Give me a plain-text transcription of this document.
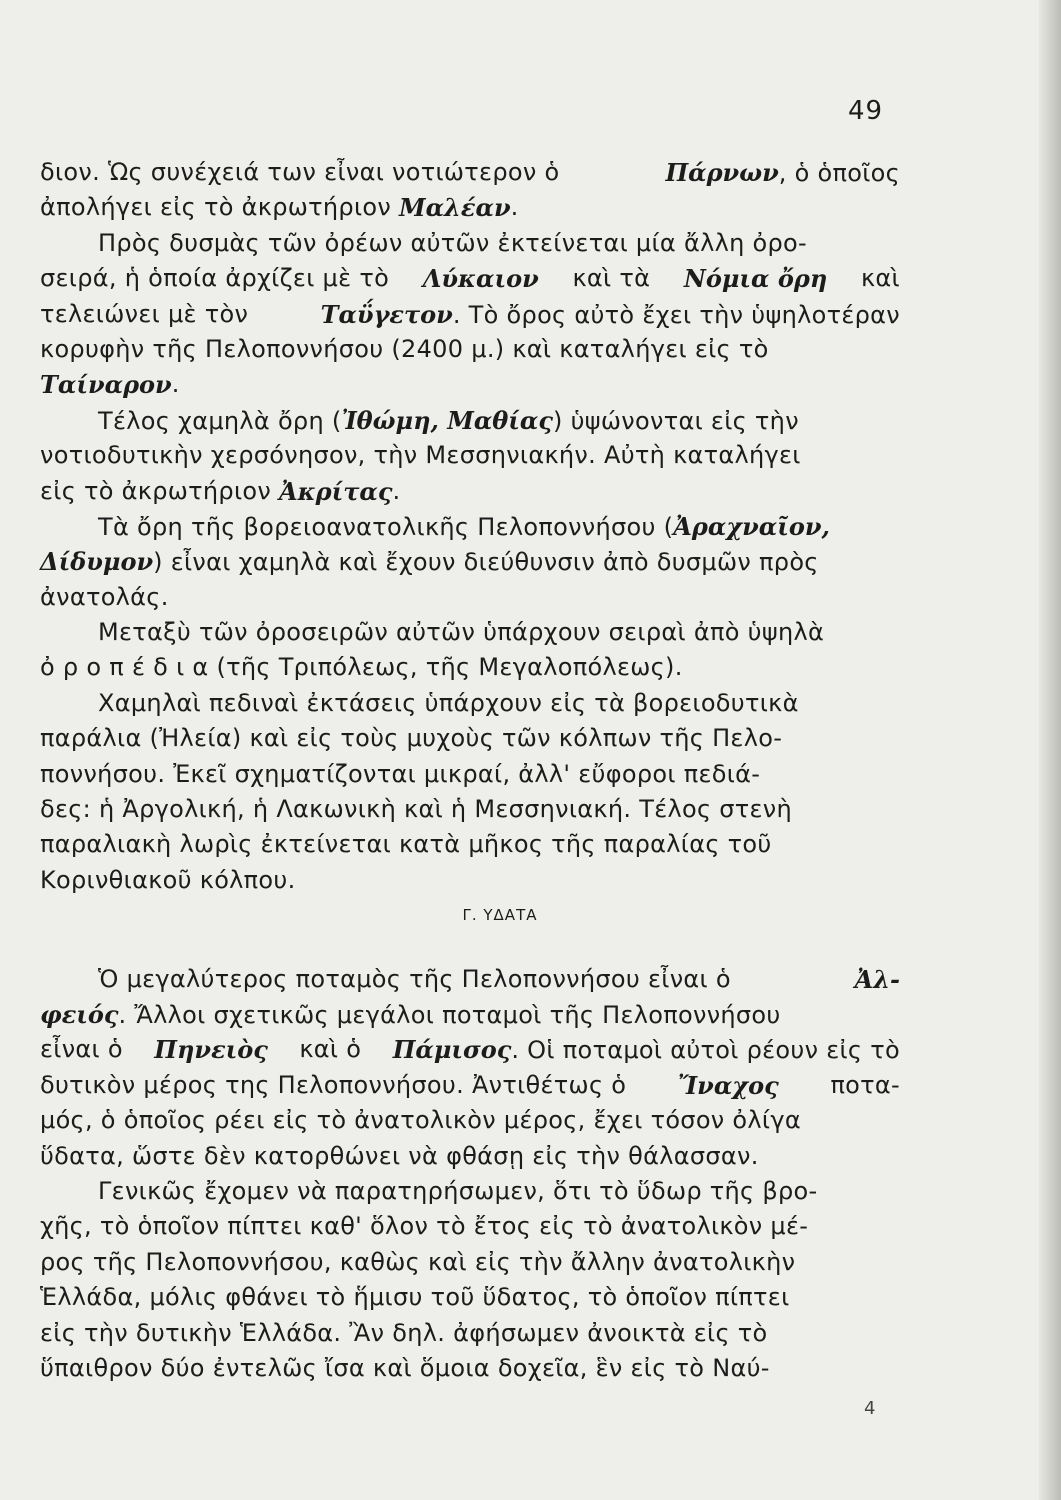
49
διον. Ὡς συνέχειά των εἶναι νοτιώτερον ὁ	Πάρνων, ὁ ὁποῖος
ἀπολήγει εἰς τὸ ἀκρωτήριον
Μαλέαν .
Πρὸς δυσμὰς τῶν ὀρέων αὐτῶν ἐκτείνεται μία ἄλλη ὀρο-
σειρά, ἡ ὁποία ἀρχίζει μὲ τὸ Λύκαιον καὶ τὰ Νόμια ὄρη καὶ
τελειώνει μὲ τὸν	Ταΰγετον. Τὸ ὄρος αὐτὸ ἔχει τὴν ὑψηλοτέραν
κορυφὴν τῆς Πελοποννήσου (2400 μ.) καὶ καταλήγει εἰς τὸ
Ταίναρον .
Τέλος χαμηλὰ ὄρη (Ἰθώμη, Μαθίας) ὑψώνονται εἰς τὴν
νοτιοδυτικὴν χερσόνησον, τὴν Μεσσηνιακήν. Αὐτὴ καταλήγει
εἰς τὸ ἀκρωτήριον
Ἀκρίτας .
Τὰ ὄρη τῆς βορειοανατολικῆς Πελοποννήσου (Ἀραχναῖον,
Δίδυμον) εἶναι χαμηλὰ καὶ ἔχουν διεύθυνσιν ἀπὸ δυσμῶν πρὸς
ἀνατολάς.
Μεταξὺ τῶν ὀροσειρῶν αὐτῶν ὑπάρχουν σειραὶ ἀπὸ ὑψηλὰ
ὀ ρ ο π έ δ ι α (τῆς Τριπόλεως, τῆς Μεγαλοπόλεως).
Χαμηλαὶ πεδιναὶ ἐκτάσεις ὑπάρχουν εἰς τὰ βορειοδυτικὰ
παράλια (Ἠλεία) καὶ εἰς τοὺς μυχοὺς τῶν κόλπων τῆς Πελο-
ποννήσου. Ἐκεῖ σχηματίζονται μικραί, ἀλλ' εὔφοροι πεδιά-
δες: ἡ Ἀργολική, ἡ Λακωνικὴ καὶ ἡ Μεσσηνιακή. Τέλος στενὴ
παραλιακὴ λωρὶς ἐκτείνεται κατὰ μῆκος τῆς παραλίας τοῦ
Κορινθιακοῦ κόλπου.
Γ. ΥΔΑΤΑ
Ὁ μεγαλύτερος ποταμὸς τῆς Πελοποννήσου εἶναι ὁ	Ἀλ-
φειός. Ἄλλοι σχετικῶς μεγάλοι ποταμοὶ τῆς Πελοποννήσου
εἶναι ὁ Πηνειὸς καὶ ὁ Πάμισος. Οἱ ποταμοὶ αὐτοὶ ρέουν εἰς τὸ
δυτικὸν μέρος της Πελοποννήσου. Ἀντιθέτως ὁ Ἴναχος ποτα-
μός, ὁ ὁποῖος ρέει εἰς τὸ ἀνατολικὸν μέρος, ἔχει τόσον ὀλίγα
ὕδατα, ὥστε δὲν κατορθώνει νὰ φθάσῃ εἰς τὴν θάλασσαν.
Γενικῶς ἔχομεν νὰ παρατηρήσωμεν, ὅτι τὸ ὕδωρ τῆς βρο-
χῆς, τὸ ὁποῖον πίπτει καθ' ὅλον τὸ ἔτος εἰς τὸ ἀνατολικὸν μέ-
ρος τῆς Πελοποννήσου, καθὼς καὶ εἰς τὴν ἄλλην ἀνατολικὴν
Ἑλλάδα, μόλις φθάνει τὸ ἥμισυ τοῦ ὕδατος, τὸ ὁποῖον πίπτει
εἰς τὴν δυτικὴν Ἑλλάδα. Ἂν δηλ. ἀφήσωμεν ἀνοικτὰ εἰς τὸ
ὕπαιθρον δύο ἐντελῶς ἴσα καὶ ὅμοια δοχεῖα, ἓν εἰς τὸ Ναύ-
4
